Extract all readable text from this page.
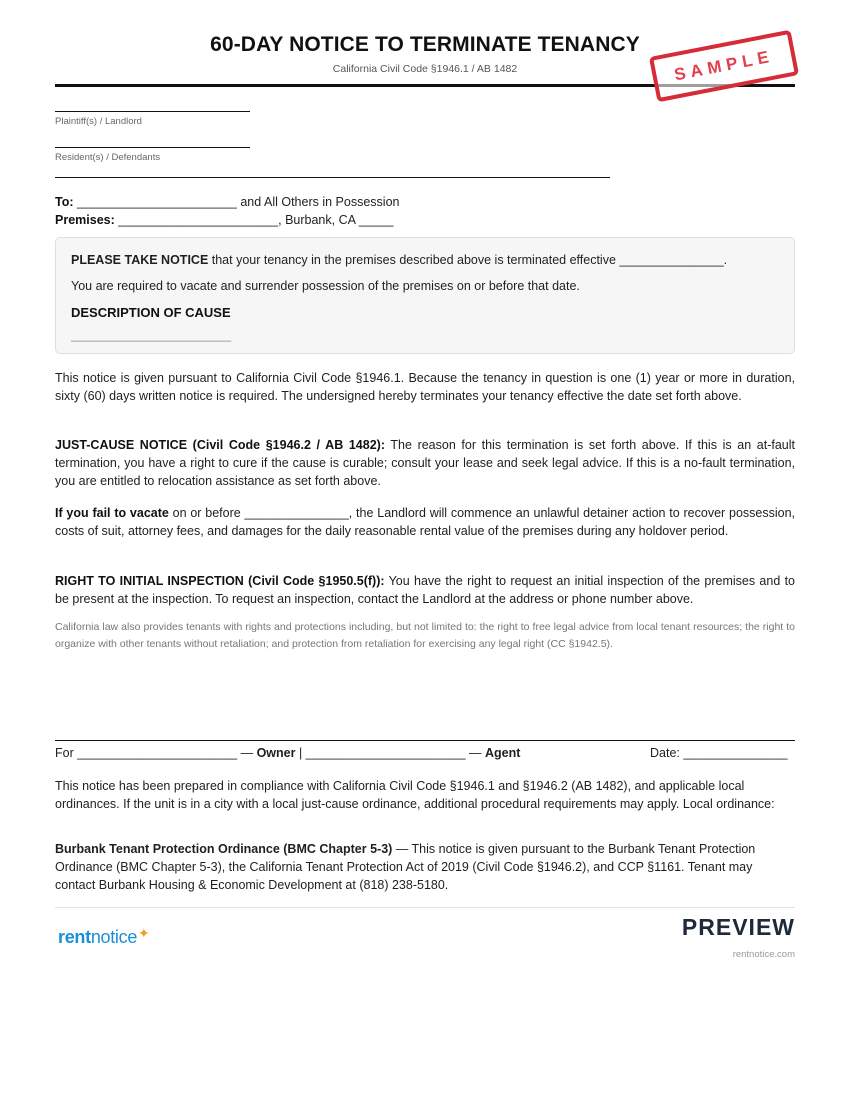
60-DAY NOTICE TO TERMINATE TENANCY
California Civil Code §1946.1 / AB 1482	SAMPLE
Plaintiff(s) / Landlord
Resident(s) / Defendants
To: _______________________ and All Others in Possession
Premises: _______________________, Burbank, CA _____
PLEASE TAKE NOTICE that your tenancy in the premises described above is terminated effective _______________.
You are required to vacate and surrender possession of the premises on or before that date.
DESCRIPTION OF CAUSE
________________________
This notice is given pursuant to California Civil Code §1946.1. Because the tenancy in question is one (1) year or more in duration, sixty (60) days written notice is required. The undersigned hereby terminates your tenancy effective the date set forth above.
JUST-CAUSE NOTICE (Civil Code §1946.2 / AB 1482): The reason for this termination is set forth above. If this is an at-fault termination, you have a right to cure if the cause is curable; consult your lease and seek legal advice. If this is a no-fault termination, you are entitled to relocation assistance as set forth above.
If you fail to vacate on or before _______________, the Landlord will commence an unlawful detainer action to recover possession, costs of suit, attorney fees, and damages for the daily reasonable rental value of the premises during any holdover period.
RIGHT TO INITIAL INSPECTION (Civil Code §1950.5(f)): You have the right to request an initial inspection of the premises and to be present at the inspection. To request an inspection, contact the Landlord at the address or phone number above.
California law also provides tenants with rights and protections including, but not limited to: the right to free legal advice from local tenant resources; the right to organize with other tenants without retaliation; and protection from retaliation for exercising any legal right (CC §1942.5).
For _______________________ — Owner | _______________________ — Agent	Date: _______________
This notice has been prepared in compliance with California Civil Code §1946.1 and §1946.2 (AB 1482), and applicable local ordinances. If the unit is in a city with a local just-cause ordinance, additional procedural requirements may apply. Local ordinance:
Burbank Tenant Protection Ordinance (BMC Chapter 5-3) — This notice is given pursuant to the Burbank Tenant Protection Ordinance (BMC Chapter 5-3), the California Tenant Protection Act of 2019 (Civil Code §1946.2), and CCP §1161. Tenant may contact Burbank Housing & Economic Development at (818) 238-5180.
rentnotice✦	PREVIEW
rentnotice.com
